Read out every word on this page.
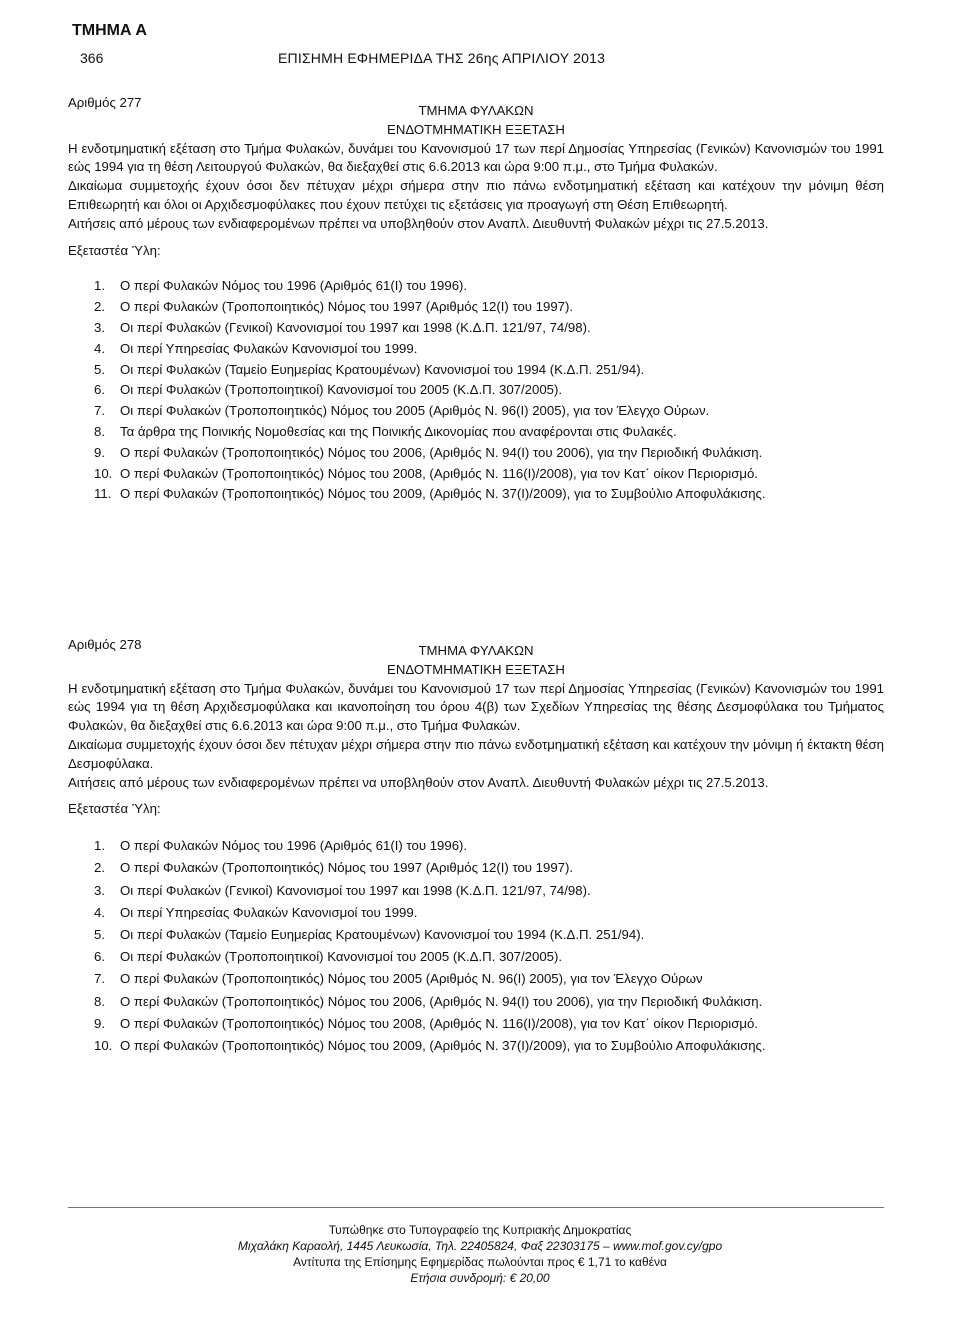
ΤΜΗΜΑ Α
366	ΕΠΙΣΗΜΗ ΕΦΗΜΕΡΙΔΑ ΤΗΣ 26ης ΑΠΡΙΛΙΟΥ 2013
Αριθμός 277
ΤΜΗΜΑ ΦΥΛΑΚΩΝ
ΕΝΔΟΤΜΗΜΑΤΙΚΗ ΕΞΕΤΑΣΗ

Η ενδοτμηματική εξέταση στο Τμήμα Φυλακών, δυνάμει του Κανονισμού 17 των περί Δημοσίας Υπηρεσίας (Γενικών) Κανονισμών του 1991 εώς 1994 για τη θέση Λειτουργού Φυλακών, θα διεξαχθεί στις 6.6.2013 και ώρα 9:00 π.μ., στο Τμήμα Φυλακών.

Δικαίωμα συμμετοχής έχουν όσοι δεν πέτυχαν μέχρι σήμερα στην πιο πάνω ενδοτμηματική εξέταση και κατέχουν την μόνιμη θέση Επιθεωρητή και όλοι οι Αρχιδεσμοφύλακες που έχουν πετύχει τις εξετάσεις για προαγωγή στη Θέση Επιθεωρητή.

Αιτήσεις από μέρους των ενδιαφερομένων πρέπει να υποβληθούν στον Αναπλ. Διευθυντή Φυλακών μέχρι τις 27.5.2013.

Εξεταστέα Ύλη:
1.	Ο περί Φυλακών Νόμος του 1996 (Αριθμός 61(I) του 1996).
2.	Ο περί Φυλακών (Τροποποιητικός) Νόμος του 1997 (Αριθμός 12(I) του 1997).
3.	Οι περί Φυλακών (Γενικοί) Κανονισμοί του 1997 και 1998 (Κ.Δ.Π. 121/97, 74/98).
4.	Οι περί Υπηρεσίας Φυλακών Κανονισμοί του 1999.
5.	Οι περί Φυλακών (Ταμείο Ευημερίας Κρατουμένων) Κανονισμοί του 1994 (Κ.Δ.Π. 251/94).
6.	Οι περί Φυλακών (Τροποποιητικοί) Κανονισμοί του 2005 (Κ.Δ.Π. 307/2005).
7.	Οι περί Φυλακών (Τροποποιητικός) Νόμος του 2005 (Αριθμός Ν. 96(I) 2005), για τον Έλεγχο Ούρων.
8.	Τα άρθρα της Ποινικής Νομοθεσίας και της Ποινικής Δικονομίας που αναφέρονται στις Φυλακές.
9.	Ο περί Φυλακών (Τροποποιητικός) Νόμος του 2006, (Αριθμός Ν. 94(I) του 2006), για την Περιοδική Φυλάκιση.
10. Ο περί Φυλακών (Τροποποιητικός) Νόμος του 2008, (Αριθμός Ν. 116(I)/2008), για τον Κατ΄ οίκον Περιορισμό.
11. Ο περί Φυλακών (Τροποποιητικός) Νόμος του 2009, (Αριθμός Ν. 37(I)/2009), για το Συμβούλιο Αποφυλάκισης.
Αριθμός 278	ΤΜΗΜΑ ΦΥΛΑΚΩΝ
ΕΝΔΟΤΜΗΜΑΤΙΚΗ ΕΞΕΤΑΣΗ

Η ενδοτμηματική εξέταση στο Τμήμα Φυλακών, δυνάμει του Κανονισμού 17 των περί Δημοσίας Υπηρεσίας (Γενικών) Κανονισμών του 1991 εώς 1994 για τη θέση Αρχιδεσμοφύλακα και ικανοποίηση του όρου 4(β) των Σχεδίων Υπηρεσίας της θέσης Δεσμοφύλακα του Τμήματος Φυλακών, θα διεξαχθεί στις 6.6.2013 και ώρα 9:00 π.μ., στο Τμήμα Φυλακών.

Δικαίωμα συμμετοχής έχουν όσοι δεν πέτυχαν μέχρι σήμερα στην πιο πάνω ενδοτμηματική εξέταση και κατέχουν την μόνιμη ή έκτακτη θέση Δεσμοφύλακα.

Αιτήσεις από μέρους των ενδιαφερομένων πρέπει να υποβληθούν στον Αναπλ. Διευθυντή Φυλακών μέχρι τις 27.5.2013.

Εξεταστέα Ύλη:
1.	Ο περί Φυλακών Νόμος του 1996 (Αριθμός 61(I) του 1996).
2.	Ο περί Φυλακών (Τροποποιητικός) Νόμος του 1997 (Αριθμός 12(I) του 1997).
3.	Οι περί Φυλακών (Γενικοί) Κανονισμοί του 1997 και 1998 (Κ.Δ.Π. 121/97, 74/98).
4.	Οι περί Υπηρεσίας Φυλακών Κανονισμοί του 1999.
5.	Οι περί Φυλακών (Ταμείο Ευημερίας Κρατουμένων) Κανονισμοί του 1994 (Κ.Δ.Π. 251/94).
6.	Οι περί Φυλακών (Τροποποιητικοί) Κανονισμοί του 2005 (Κ.Δ.Π. 307/2005).
7.	Ο περί Φυλακών (Τροποποιητικός) Νόμος του 2005 (Αριθμός Ν. 96(I) 2005), για τον Έλεγχο Ούρων
8.	Ο περί Φυλακών (Τροποποιητικός) Νόμος του 2006, (Αριθμός Ν. 94(I) του 2006), για την Περιοδική Φυλάκιση.
9.	Ο περί Φυλακών (Τροποποιητικός) Νόμος του 2008, (Αριθμός Ν. 116(I)/2008), για τον Κατ΄ οίκον Περιορισμό.
10. Ο περί Φυλακών (Τροποποιητικός) Νόμος του 2009, (Αριθμός Ν. 37(I)/2009), για το Συμβούλιο Αποφυλάκισης.
Τυπώθηκε στο Τυπογραφείο της Κυπριακής Δημοκρατίας
Μιχαλάκη Καραολή, 1445 Λευκωσία, Τηλ. 22405824, Φαξ 22303175 – www.mof.gov.cy/gpo
Αντίτυπα της Επίσημης Εφημερίδας πωλούνται προς € 1,71 το καθένα
Ετήσια συνδρομή: € 20,00
